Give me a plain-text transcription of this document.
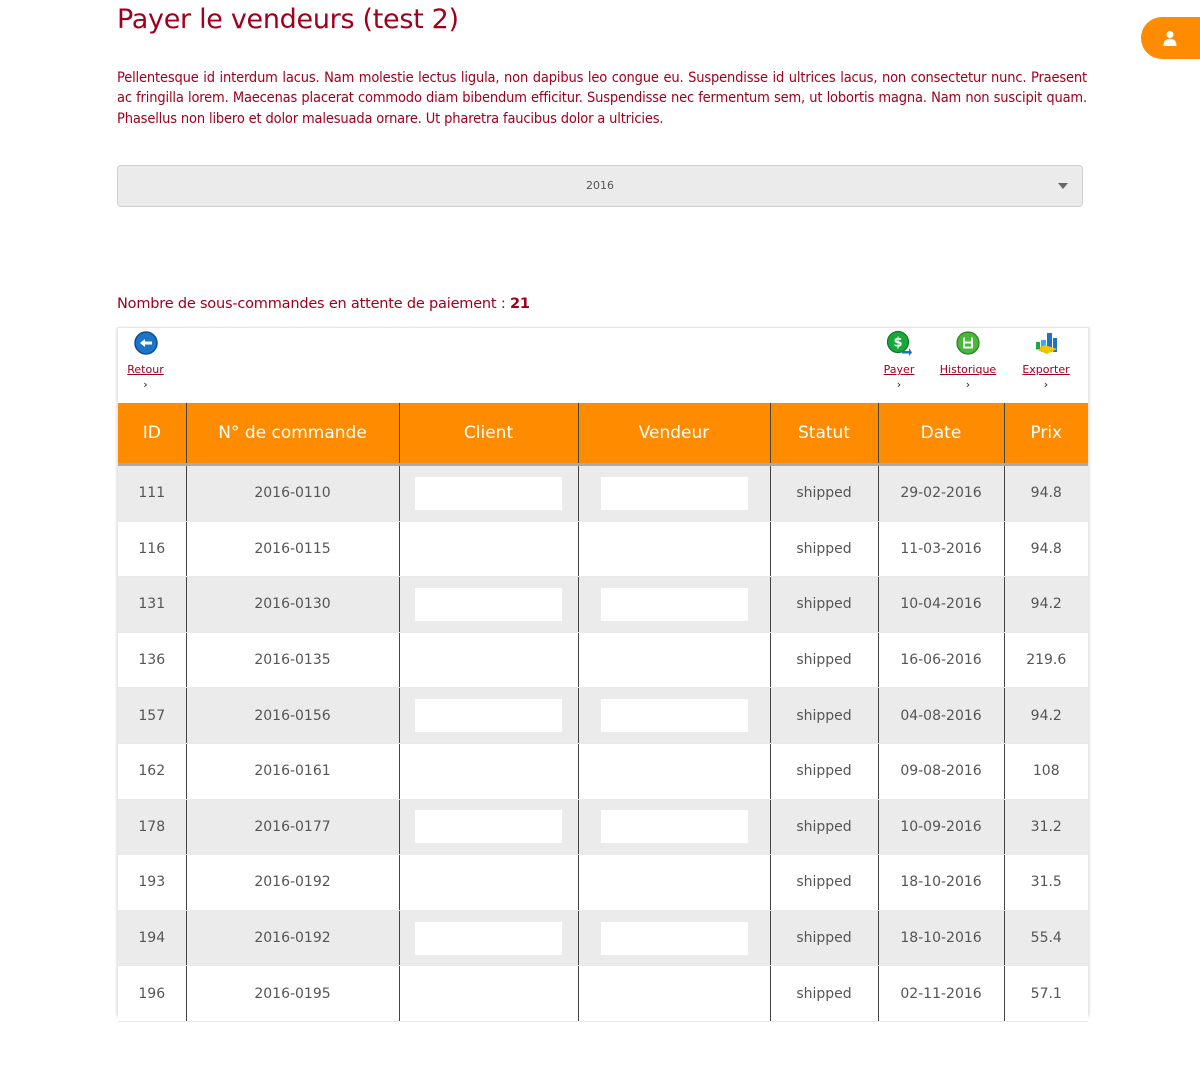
Payer le vendeurs (test 2)

Pellentesque id interdum lacus. Nam molestie lectus ligula, non dapibus leo congue eu. Suspendisse id ultrices lacus, non consectetur nunc. Praesent ac fringilla lorem. Maecenas placerat commodo diam bibendum efficitur. Suspendisse nec fermentum sem, ut lobortis magna. Nam non suscipit quam. Phasellus non libero et dolor malesuada ornare. Ut pharetra faucibus dolor a ultricies.

2016

Nombre de sous-commandes en attente de paiement : 21

Retour
›
$
Payer
›
Historique
›
Exporter
›
ID	N° de commande	Client	Vendeur	Statut	Date	Prix
111	2016-0110			shipped	29-02-2016	94.8
116	2016-0115			shipped	11-03-2016	94.8
131	2016-0130			shipped	10-04-2016	94.2
136	2016-0135			shipped	16-06-2016	219.6
157	2016-0156			shipped	04-08-2016	94.2
162	2016-0161			shipped	09-08-2016	108
178	2016-0177			shipped	10-09-2016	31.2
193	2016-0192			shipped	18-10-2016	31.5
194	2016-0192			shipped	18-10-2016	55.4
196	2016-0195			shipped	02-11-2016	57.1
